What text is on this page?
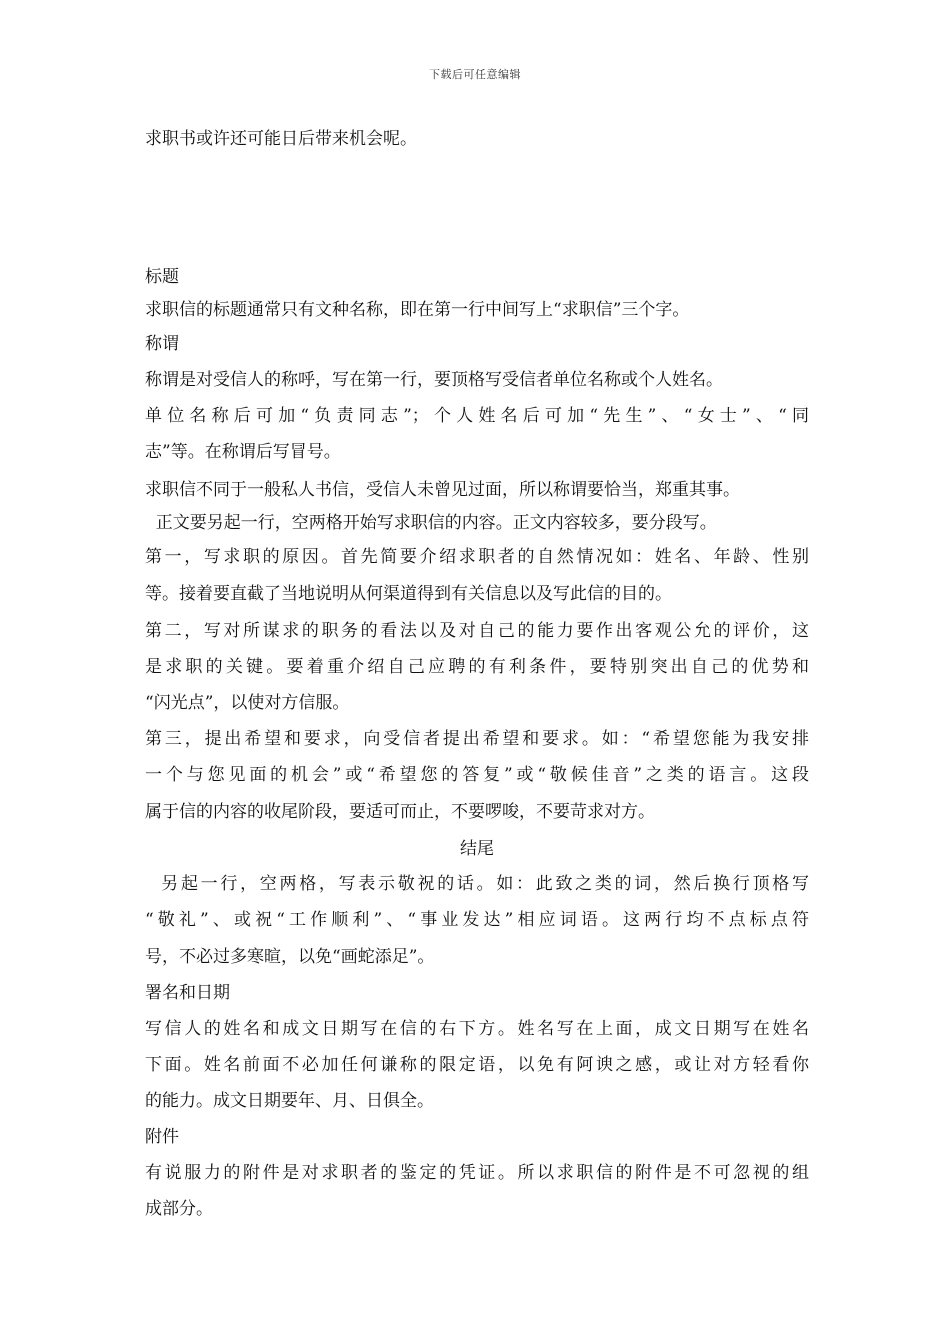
下载后可任意编辑
求职书或许还可能日后带来机会呢。
标题
求职信的标题通常只有文种名称，即在第一行中间写上“求职信”三个字。
称谓
称谓是对受信人的称呼，写在第一行，要顶格写受信者单位名称或个人姓名。
单位名称后可加“负责同志”；个人姓名后可加“先生”、“女士”、“同
志”等。在称谓后写冒号。
求职信不同于一般私人书信，受信人未曾见过面，所以称谓要恰当，郑重其事。
正文要另起一行，空两格开始写求职信的内容。正文内容较多，要分段写。
第一，写求职的原因。首先简要介绍求职者的自然情况如：姓名、年龄、性别
等。接着要直截了当地说明从何渠道得到有关信息以及写此信的目的。
第二，写对所谋求的职务的看法以及对自己的能力要作出客观公允的评价，这
是求职的关键。要着重介绍自己应聘的有利条件，要特别突出自己的优势和
“闪光点”，以使对方信服。
第三，提出希望和要求，向受信者提出希望和要求。如：“希望您能为我安排
一个与您见面的机会”或“希望您的答复”或“敬候佳音”之类的语言。这段
属于信的内容的收尾阶段，要适可而止，不要啰唆，不要苛求对方。
结尾
另起一行，空两格，写表示敬祝的话。如：此致之类的词，然后换行顶格写
“敬礼”、或祝“工作顺利”、“事业发达”相应词语。这两行均不点标点符
号，不必过多寒暄，以免“画蛇添足”。
署名和日期
写信人的姓名和成文日期写在信的右下方。姓名写在上面，成文日期写在姓名
下面。姓名前面不必加任何谦称的限定语，以免有阿谀之感，或让对方轻看你
的能力。成文日期要年、月、日俱全。
附件
有说服力的附件是对求职者的鉴定的凭证。所以求职信的附件是不可忽视的组
成部分。
